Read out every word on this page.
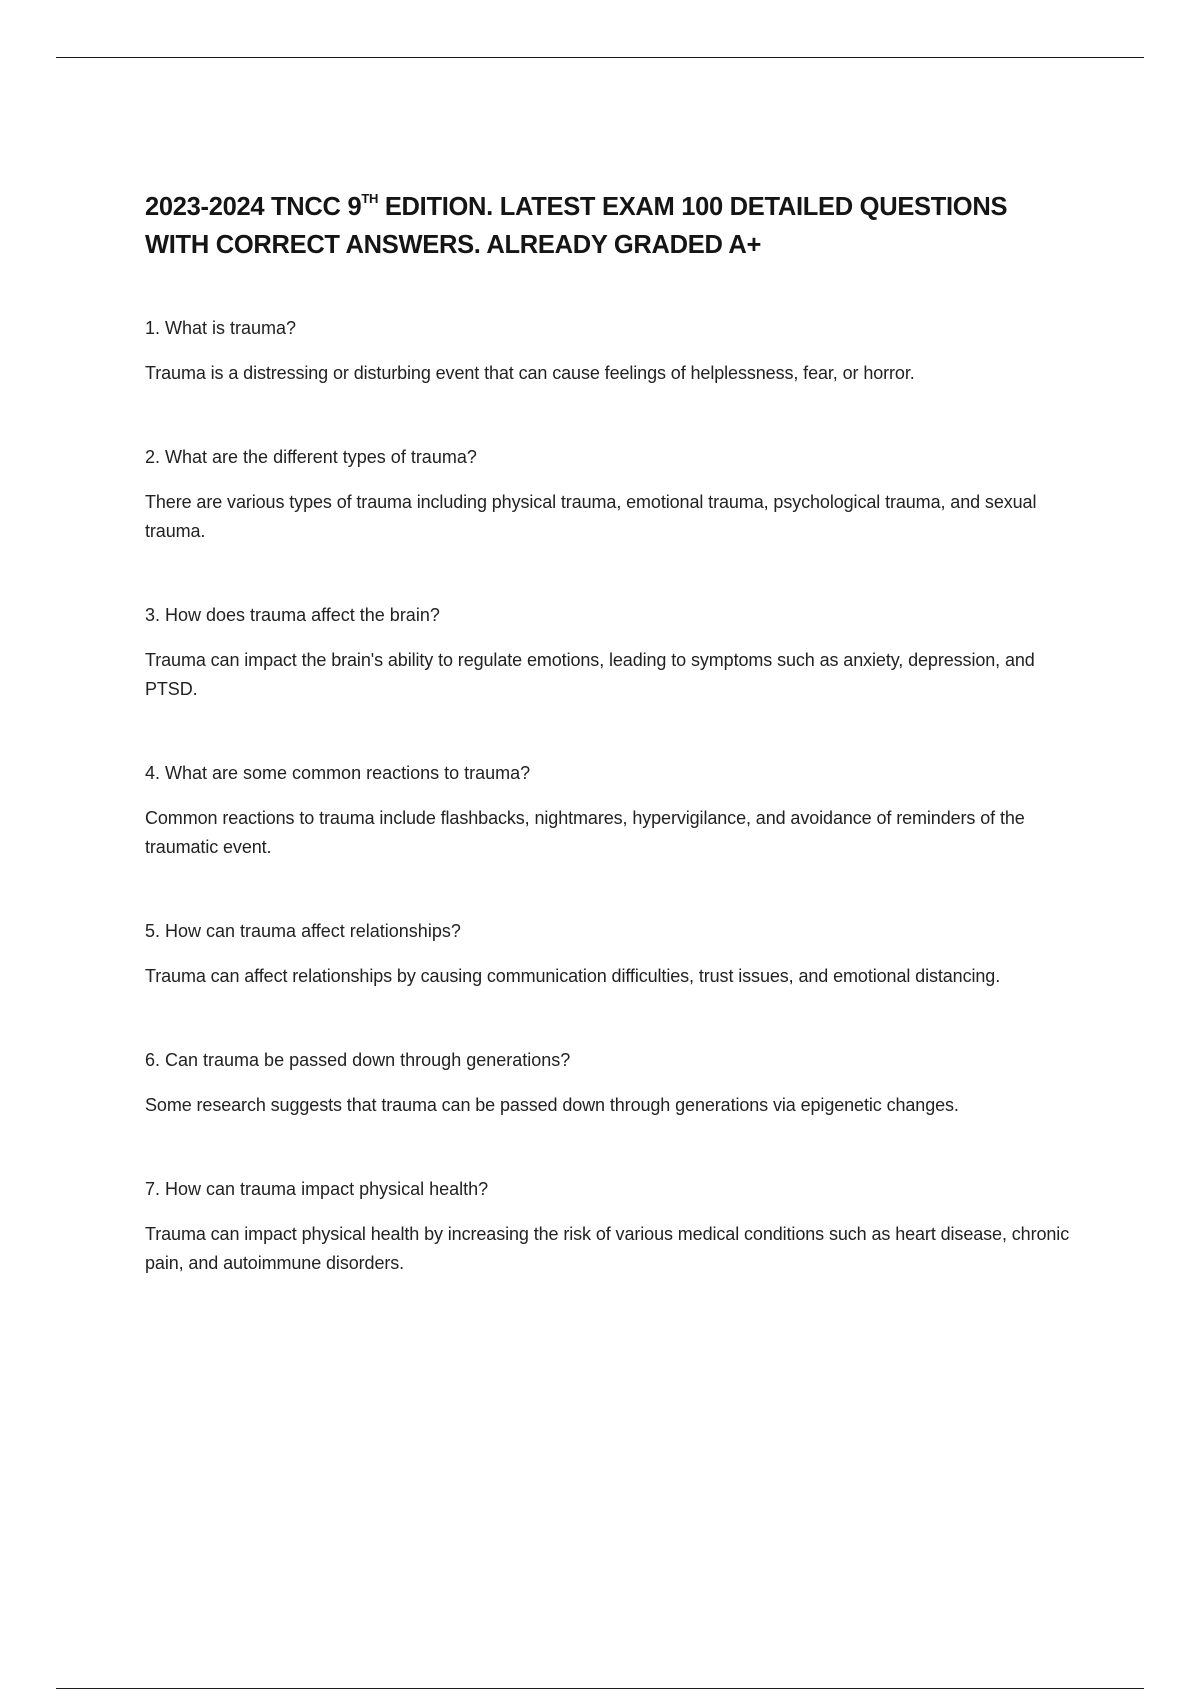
2023-2024 TNCC 9TH EDITION. LATEST EXAM 100 DETAILED QUESTIONS WITH CORRECT ANSWERS. ALREADY GRADED A+

1. What is trauma?

Trauma is a distressing or disturbing event that can cause feelings of helplessness, fear, or horror.

2. What are the different types of trauma?

There are various types of trauma including physical trauma, emotional trauma, psychological trauma, and sexual trauma.

3. How does trauma affect the brain?

Trauma can impact the brain's ability to regulate emotions, leading to symptoms such as anxiety, depression, and PTSD.

4. What are some common reactions to trauma?

Common reactions to trauma include flashbacks, nightmares, hypervigilance, and avoidance of reminders of the traumatic event.

5. How can trauma affect relationships?

Trauma can affect relationships by causing communication difficulties, trust issues, and emotional distancing.

6. Can trauma be passed down through generations?

Some research suggests that trauma can be passed down through generations via epigenetic changes.

7. How can trauma impact physical health?

Trauma can impact physical health by increasing the risk of various medical conditions such as heart disease, chronic pain, and autoimmune disorders.
